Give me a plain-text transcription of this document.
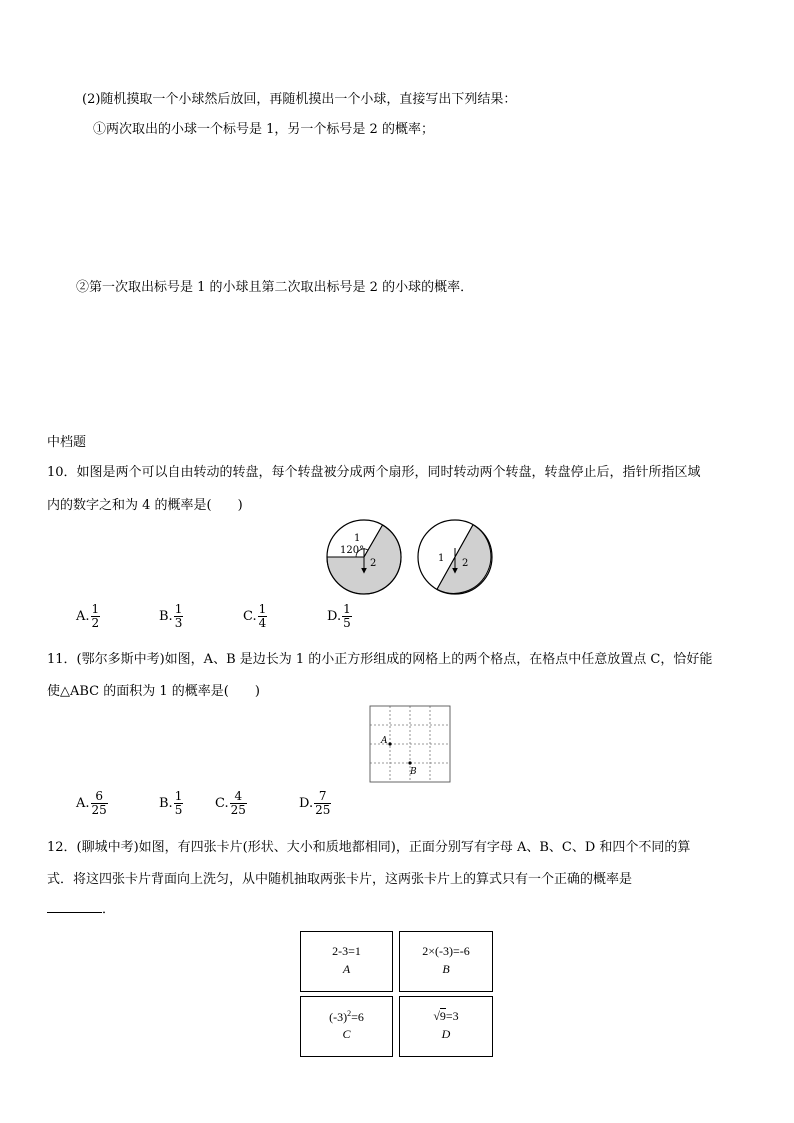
(2)随机摸取一个小球然后放回，再随机摸出一个小球，直接写出下列结果：
①两次取出的小球一个标号是 1，另一个标号是 2 的概率；
②第一次取出标号是 1 的小球且第二次取出标号是 2 的小球的概率．
中档题
10．如图是两个可以自由转动的转盘，每个转盘被分成两个扇形，同时转动两个转盘，转盘停止后，指针所指区域
内的数字之和为 4 的概率是(　　)
1
2
120°
1 2
A. $\frac{1}{2}$	B. $\frac{1}{3}$	C. $\frac{1}{4}$	D. $\frac{1}{5}$
11．(鄂尔多斯中考)如图，A、B 是边长为 1 的小正方形组成的网格上的两个格点，在格点中任意放置点 C，恰好能
使△ABC 的面积为 1 的概率是(　　)
A
B
A. $\frac{6}{25}$	B. $\frac{1}{5} C$. $\frac{4}{25}$	D. $\frac{7}{25}$
12．(聊城中考)如图，有四张卡片(形状、大小和质地都相同)，正面分别写有字母 A、B、C、D 和四个不同的算
式．将这四张卡片背面向上洗匀，从中随机抽取两张卡片，这两张卡片上的算式只有一个正确的概率是
．
2-3=1
A
2×(-3)=-6
B
$(-3)^2=6$
C
√9=3
D
